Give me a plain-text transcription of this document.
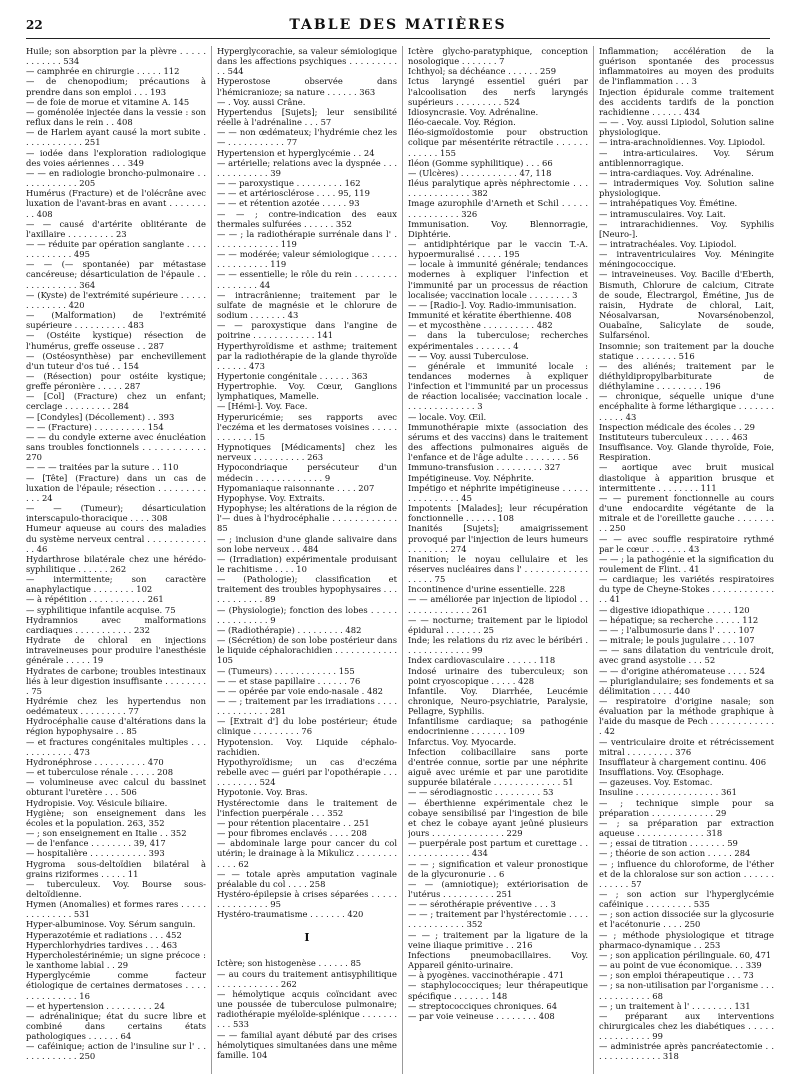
22	TABLE DES MATIÈRES
Huile; son absorption par la plèvre . . . . . . . . . . . . 534
— camphrée en chirurgie . . . . . 112
— de chenopodium; précautions à prendre dans son emploi . . . 193
— de foie de morue et vitamine A. 145
— goménolée injectée dans la vessie : son reflux dans le rein . . 408
— de Harlem ayant causé la mort subite . . . . . . . . . . . . 251
— iodée dans l'exploration radiologique des voies aériennes . . . 349
— — en radiologie broncho-pulmonaire . . . . . . . . . . . . 205
Humérus (Fracture) et de l'olécrâne avec luxation de l'avant-bras en avant . . . . . . . . . 408
— — causé d'artérite oblitérante de l'axillaire . . . . . . . . . 23
— — réduite par opération sanglante . . . . . . . . . . . . . 495
— — (— spontanée) par métastase cancéreuse; désarticulation de l'épaule . . . . . . . . . . . . 364
— (Kyste) de l'extrémité supérieure . . . . . . . . . . . . . 420
— (Malformation) de l'extrémité supérieure . . . . . . . . . . 483
— (Ostéite kystique) résection de l'humérus, greffe osseuse . . 287
— (Ostéosynthèse) par enchevillement d'un tuteur d'os tué . . 154
— (Résection) pour ostéite kystique; greffe péronière . . . . . 287
— [Col] (Fracture) chez un enfant; cerclage . . . . . . . . . 284
— [Condyles] (Décollement) . . 393
— — (Fracture) . . . . . . . . . . 154
— — du condyle externe avec énucléation sans troubles fonctionnels . . . . . . . . . . . 270
— — — traitées par la suture . . 110
— [Tête] (Fracture) dans un cas de luxation de l'épaule; résection . . . . . . . . . . . . 24
— — (Tumeur); désarticulation interscapulo-thoracique . . . . 308
Humeur aqueuse au cours des maladies du système nerveux central . . . . . . . . . . . . . 46
Hydarthrose bilatérale chez une hérédo-syphilitique . . . . . . 262
— intermittente; son caractère anaphylactique . . . . . . . . 102
— à répétition . . . . . . . . . . . 261
— syphilitique infantile acquise. 75
Hydramnios avec malformations cardiaques . . . . . . . . . . . 232
Hydrate de chloral en injections intraveineuses pour produire l'anesthésie générale . . . . . 19
Hydrates de carbone; troubles intestinaux liés à leur digestion insuffisante . . . . . . . . . 75
Hydrémie chez les hypertendus non oedémateux . . . . . . . . . 77
Hydrocéphalie cause d'altérations dans la région hypophysaire . . 85
— et fractures congénitales multiples . . . . . . . . . . . . 473
Hydronéphrose . . . . . . . . . . 470
— et tuberculose rénale . . . . . 208
— volumineuse avec calcul du bassinet obturant l'uretère . . . 506
Hydropisie. Voy. Vésicule biliaire.
Hygiène; son enseignement dans les écoles et la population. 263, 352
— ; son enseignement en Italie . . 352
— de l'enfance . . . . . . . . 39, 417
— hospitalière . . . . . . . . . . . 393
Hygroma sous-deltoïdien bilatéral à grains riziformes . . . . . 11
— tuberculeux. Voy. Bourse sous-deltoïdienne.
Hymen (Anomalies) et formes rares . . . . . . . . . . . . . . 531
Hyper-albuminose. Voy. Sérum sanguin.
Hyperazotémie et radiations . . . 452
Hyperchlorhydries tardives . . . 463
Hypercholestérinémie; un signe précoce : le xanthome labial . . 29
Hyperglycémie comme facteur étiologique de certaines dermatoses . . . . . . . . . . . . . . 16
— et hypertension . . . . . . . . . 24
— adrénalinique; état du sucre libre et combiné dans certains états pathologiques . . . . . . 64
— caféinique; action de l'insuline sur l' . . . . . . . . . . . . 250
Hyperglycorachie, sa valeur sémiologique dans les affections psychiques . . . . . . . . . . . 544
Hyperostose observée dans l'hémicranioze; sa nature . . . . . . 363
— . Voy. aussi Crâne.
Hypertendus [Sujets]; leur sensibilité réelle à l'adrénaline . . . 57
— — non œdémateux; l'hydrémie chez les — . . . . . . . . . . . 77
Hypertension et hyperglycémie . . 24
— artérielle; relations avec la dyspnée . . . . . . . . . . . . . 39
— — paroxystique . . . . . . . . . 162
— — et artériosclérose . . . . 95, 119
— — et rétention azotée . . . . . 93
— — ; contre-indication des eaux thermales sulfurées . . . . . . 352
— — ; la radiothérapie surrénale dans l' . . . . . . . . . . . . . 119
— — modérée; valeur sémiologique . . . . . . . . . . . . . . . 119
— — essentielle; le rôle du rein . . . . . . . . . . . . . . . . 44
— intracrânienne; traitement par le sulfate de magnésie et le chlorure de sodium . . . . . . . 43
— — paroxystique dans l'angine de poitrine . . . . . . . . . . . . 141
Hyperthyroïdisme et asthme; traitement par la radiothérapie de la glande thyroïde . . . . . . 473
Hypertonie congénitale . . . . . . 363
Hypertrophie. Voy. Cœur, Ganglions lymphatiques, Mamelle.
— [Hémi-]. Voy. Face.
Hyperuricémie; ses rapports avec l'eczéma et les dermatoses voisines . . . . . . . . . . . . 15
Hypnotiques [Médicaments] chez les nerveux . . . . . . . . . . 263
Hypocondriaque persécuteur d'un médecin . . . . . . . . . . . . . 9
Hypomaniaque raisonnante . . . . 207
Hypophyse. Voy. Extraits.
Hypophyse; les altérations de la région de l'— dues à l'hydrocéphalie . . . . . . . . . . . . 85
— ; inclusion d'une glande salivaire dans son lobe nerveux . . 484
— (Irradiation) expérimentale produisant le rachitisme . . . . 10
— (Pathologie); classification et traitement des troubles hypophysaires . . . . . . . . . . . . 89
— (Physiologie); fonction des lobes . . . . . . . . . . . . . . . 9
— (Radiothérapie) . . . . . . . . . 482
— (Sécrétion) de son lobe postérieur dans le liquide céphalorachidien . . . . . . . . . . . . 105
— (Tumeurs) . . . . . . . . . . . . 155
— — et stase papillaire . . . . . . 76
— — opérée par voie endo-nasale . 482
— — ; traitement par les irradiations . . . . . . . . . . . . . . 281
— [Extrait d'] du lobe postérieur; étude clinique . . . . . . . . . 76
Hypotension. Voy. Liquide céphalo-rachidien.
Hypothyroïdisme; un cas d'eczéma rebelle avec — guéri par l'opothérapie . . . . . . . . . . . 524
Hypotonie. Voy. Bras.
Hystérectomie dans le traitement de l'infection puerpérale . . . 352
— pour rétention placentaire . . 251
— pour fibromes enclavés . . . . 208
— abdominale large pour cancer du col utérin; le drainage à la Mikulicz . . . . . . . . . . . . 62
— — totale après amputation vaginale préalable du col . . . . 258
Hystéro-épilepsie à crises séparées . . . . . . . . . . . . . . . 95
Hystéro-traumatisme . . . . . . . 420
I
Ictère; son histogenèse . . . . . . 85
— au cours du traitement antisyphilitique . . . . . . . . . . . . 262
— hémolytique acquis coïncidant avec une poussée de tuberculose pulmonaire; radiothérapie myéloïde-splénique . . . . . . . . . . 533
— — familial ayant débuté par des crises hémolytiques simultanées dans une même famille. 104
Ictère glycho-paratyphique, conception nosologique . . . . . . . 7
Ichthyol; sa déchéance . . . . . . 259
Ictus laryngé essentiel guéri par l'alcoolisation des nerfs laryngés supérieurs . . . . . . . . . 524
Idiosyncrasie. Voy. Adrénaline.
Iléo-caecale. Voy. Région.
Iléo-sigmoïdostomie pour obstruction colique par mésentérite rétractile . . . . . . . . . . . . 155
Iléon (Gomme syphilitique) . . . 66
— (Ulcères) . . . . . . . . . . . 47, 118
Iléus paralytique après néphrectomie . . . . . . . . . . . . . . . 382
Image azurophile d'Arneth et Schil . . . . . . . . . . . . . . . 326
Immunisation. Voy. Blennorragie, Diphtérie.
— antidiphtérique par le vaccin T.-A. hypoermuralisé . . . . . 195
— locale à immunité générale; tendances modernes à expliquer l'infection et l'immunité par un processus de réaction localisée; vaccination locale . . . . . . . . 3
— — [Radio-]. Voy. Radio-immunisation.
Immunité et kératite éberthienne. 408
— et mycosthène . . . . . . . . . . 482
— dans la tuberculose; recherches expérimentales . . . . . . . 4
— — Voy. aussi Tuberculose.
— générale et immunité locale : tendances modernes à expliquer l'infection et l'immunité par un processus de réaction localisée; vaccination locale . . . . . . . . . . . . . . 3
— locale. Voy. Œil.
Immunothérapie mixte (association des sérums et des vaccins) dans le traitement des affections pulmonaires aiguës de l'enfance et de l'âge adulte . . . . . . . . 56
Immuno-transfusion . . . . . . . . . 327
Impétigineuse. Voy. Néphrite.
Impétigo et néphrite impétigineuse . . . . . . . . . . . . . . . 45
Impotents [Malades]; leur récupération fonctionnelle . . . . . . 108
Inanités [Sujets]; amaigrissement provoqué par l'injection de leurs humeurs . . . . . . . . 274
Inanition; le noyau cellulaire et les réserves nucléaires dans l' . . . . . . . . . . . . . . . . . 75
Incontinence d'urine essentielle. 228
— — améliorée par injection de lipiodol . . . . . . . . . . . . . . 261
— — nocturne; traitement par le lipiodol épidural . . . . . . . 25
Inde; les relations du riz avec le béribéri . . . . . . . . . . . . . 99
Index cardiovasculaire . . . . . . 118
Indosé urinaire des tuberculeux; son point cryoscopique . . . . . 428
Infantile. Voy. Diarrhée, Leucémie chronique, Neuro-psychiatrie, Paralysie, Pellagre, Syphilis.
Infantilisme cardiaque; sa pathogénie endocrinienne . . . . . . . 109
Infarctus. Voy. Myocarde.
Infection colibacillaire sans porte d'entrée connue, sortie par une néphrite aiguë avec urémie et par une parotidite suppurée bilatérale . . . . . . . . . . . . . 51
— — sérodiagnostic . . . . . . . . . 53
— éberthienne expérimentale chez le cobaye sensibilisé par l'ingestion de bile et chez le cobaye ayant jeûné plusieurs jours . . . . . . . . . . . . . . 229
— puerpérale post partum et curettage . . . . . . . . . . . . . . 434
— — ; signification et valeur pronostique de la glycuronurie . . 6
— — (amniotique); extériorisation de l'utérus . . . . . . . . . . 251
— — sérothérapie préventive . . . 3
— — ; traitement par l'hystérectomie . . . . . . . . . . . . . . . 352
— — ; traitement par la ligature de la veine iliaque primitive . . 216
Infections pneumobacillaires. Voy. Appareil génito-urinaire.
— à pyogènes. vaccinothérapie . 471
— staphylococciques; leur thérapeutique spécifique . . . . . . . 148
— streptococciques chroniques. 64
— par voie veineuse . . . . . . . . 408
Inflammation; accélération de la guérison spontanée des processus inflammatoires au moyen des produits de l'inflammation . . . 3
Injection épidurale comme traitement des accidents tardifs de la ponction rachidienne . . . . . . 434
— — . Voy. aussi Lipiodol, Solution saline physiologique.
— intra-arachnoïdiennes. Voy. Lipiodol.
— intra-articulaires. Voy. Sérum antiblennorragique.
— intra-cardiaques. Voy. Adrénaline.
— intradermiques Voy. Solution saline physiologique.
— intrahépatiques Voy. Émétine.
— intramusculaires. Voy. Lait.
— intrarachidiennes. Voy. Syphilis [Neuro-].
— intratrachéales. Voy. Lipiodol.
— intraventriculaires Voy. Méningite méningococcique.
— intraveineuses. Voy. Bacille d'Eberth, Bismuth, Chlorure de calcium, Citrate de soude, Électrargol, Émétine, Jus de raisin, Hydrate de chloral, Lait, Néosalvarsan, Novarsénobenzol, Ouabaïne, Salicylate de soude, Sulfarsénol.
Insomnie; son traitement par la douche statique . . . . . . . . 516
— des aliénés; traitement par le diéthyldipropylbarbiturate de diéthylamine . . . . . . . . . 196
— chronique, séquelle unique d'une encéphalite à forme léthargique . . . . . . . . . . . . 43
Inspection médicale des écoles . . 29
Instituteurs tuberculeux . . . . . 463
Insuffisance. Voy. Glande thyroïde, Foie, Respiration.
— aortique avec bruit musical diastolique à apparition brusque et intermittente . . . . . . . . 111
— — purement fonctionnelle au cours d'une endocardite végétante de la mitrale et de l'oreillette gauche . . . . . . . . . 250
— — avec souffle respiratoire rythmé par le cœur . . . . . . . 43
— — ; la pathogénie et la signification du roulement de Flint. . 41
— cardiaque; les variétés respiratoires du type de Cheyne-Stokes . . . . . . . . . . . . . . 41
— digestive idiopathique . . . . . 120
— hépatique; sa recherche . . . . . 112
— — ; l'albumosurie dans l' . . . . 107
— mitrale; le pouls jugulaire . . . 107
— — sans dilatation du ventricule droit, avec grand asystolie . . . 52
— — d'origine athéromateuse . . . . 524
— pluriglandulaire; ses fondements et sa délimitation . . . . 440
— respiratoire d'origine nasale; son évaluation par la méthode graphique à l'aide du masque de Pech . . . . . . . . . . . . . 42
— ventriculaire droite et rétrécissement mitral . . . . . . . . . 376
Insufflateur à chargement continu. 406
Insufflations. Voy. Œsophage.
— gazeuses. Voy. Estomac.
Insuline . . . . . . . . . . . . . . . . 361
— ; technique simple pour sa préparation . . . . . . . . . . . . 29
— ; sa préparation par extraction aqueuse . . . . . . . . . . . . . 318
— ; essai de titration . . . . . . . 59
— ; théorie de son action . . . . . 284
— ; influence du chloroforme, de l'éther et de la chloralose sur son action . . . . . . . . . . . . 57
— ; son action sur l'hyperglycémie caféinique . . . . . . . . . 535
— ; son action dissociée sur la glycosurie et l'acétonurie . . . . 250
— ; méthode physiologique et titrage pharmaco-dynamique . . 253
— ; son application périlinguale. 60, 471
— au point de vue économique. . . 339
— ; son emploi thérapeutique . . . 73
— ; sa non-utilisation par l'organisme . . . . . . . . . . . . . 68
— ; un traitement à l' . . . . . . . . 131
— préparant aux interventions chirurgicales chez les diabétiques . . . . . . . . . . . . . . . 99
— administrée après pancréatectomie . . . . . . . . . . . . . . 318
